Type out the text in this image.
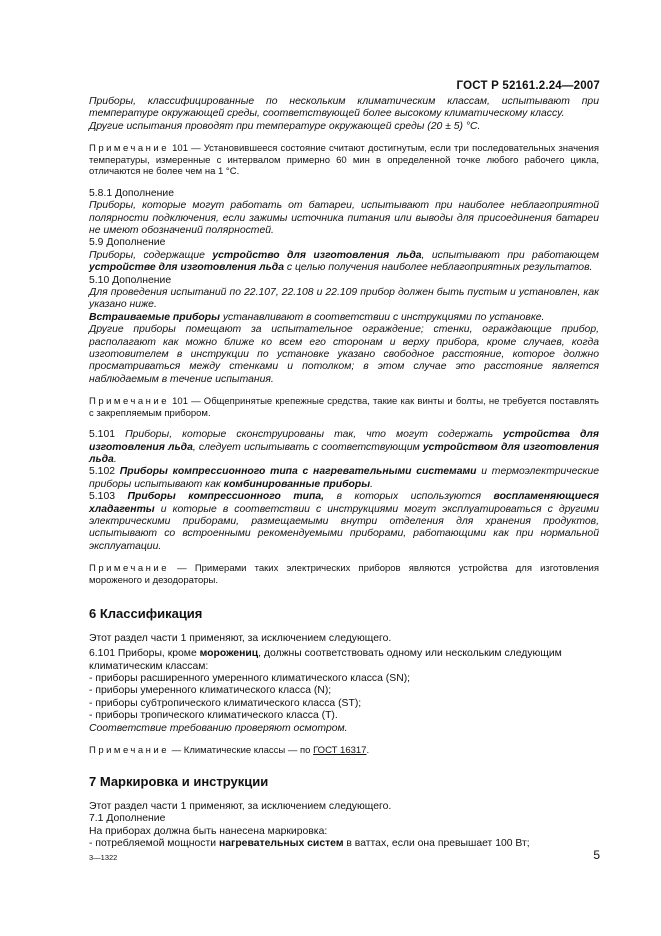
ГОСТ Р 52161.2.24—2007

Приборы, классифицированные по нескольким климатическим классам, испытывают при температуре окружающей среды, соответствующей более высокому климатическому классу.

Другие испытания проводят при температуре окружающей среды (20 ± 5) °С.

Примечание 101 — Установившееся состояние считают достигнутым, если три последовательных значения температуры, измеренные с интервалом примерно 60 мин в определенной точке любого рабочего цикла, отличаются не более чем на 1 °С.

5.8.1 Дополнение

Приборы, которые могут работать от батареи, испытывают при наиболее неблагоприятной полярности подключения, если зажимы источника питания или выводы для присоединения батареи не имеют обозначений полярностей.

5.9 Дополнение

Приборы, содержащие устройство для изготовления льда, испытывают при работающем устройстве для изготовления льда с целью получения наиболее неблагоприятных результатов.

5.10 Дополнение

Для проведения испытаний по 22.107, 22.108 и 22.109 прибор должен быть пустым и установлен, как указано ниже.

Встраиваемые приборы устанавливают в соответствии с инструкциями по установке.

Другие приборы помещают за испытательное ограждение; стенки, ограждающие прибор, располагают как можно ближе ко всем его сторонам и верху прибора, кроме случаев, когда изготовителем в инструкции по установке указано свободное расстояние, которое должно просматриваться между стенками и потолком; в этом случае это расстояние является наблюдаемым в течение испытания.

Примечание 101 — Общепринятые крепежные средства, такие как винты и болты, не требуется поставлять с закрепляемым прибором.

5.101 Приборы, которые сконструированы так, что могут содержать устройства для изготовления льда, следует испытывать с соответствующим устройством для изготовления льда.

5.102 Приборы компрессионного типа с нагревательными системами и термоэлектрические приборы испытывают как комбинированные приборы.

5.103 Приборы компрессионного типа, в которых используются воспламеняющиеся хладагенты и которые в соответствии с инструкциями могут эксплуатироваться с другими электрическими приборами, размещаемыми внутри отделения для хранения продуктов, испытывают со встроенными рекомендуемыми приборами, работающими как при нормальной эксплуатации.

Примечание — Примерами таких электрических приборов являются устройства для изготовления мороженого и дезодораторы.

6 Классификация

Этот раздел части 1 применяют, за исключением следующего.

6.101 Приборы, кроме морожениц, должны соответствовать одному или нескольким следующим климатическим классам:

- приборы расширенного умеренного климатического класса (SN);

- приборы умеренного климатического класса (N);

- приборы субтропического климатического класса (ST);

- приборы тропического климатического класса (Т).

Соответствие требованию проверяют осмотром.

Примечание — Климатические классы — по ГОСТ 16317.

7 Маркировка и инструкции

Этот раздел части 1 применяют, за исключением следующего.

7.1 Дополнение

На приборах должна быть нанесена маркировка:

- потребляемой мощности нагревательных систем в ваттах, если она превышает 100 Вт;

3—1322	5
